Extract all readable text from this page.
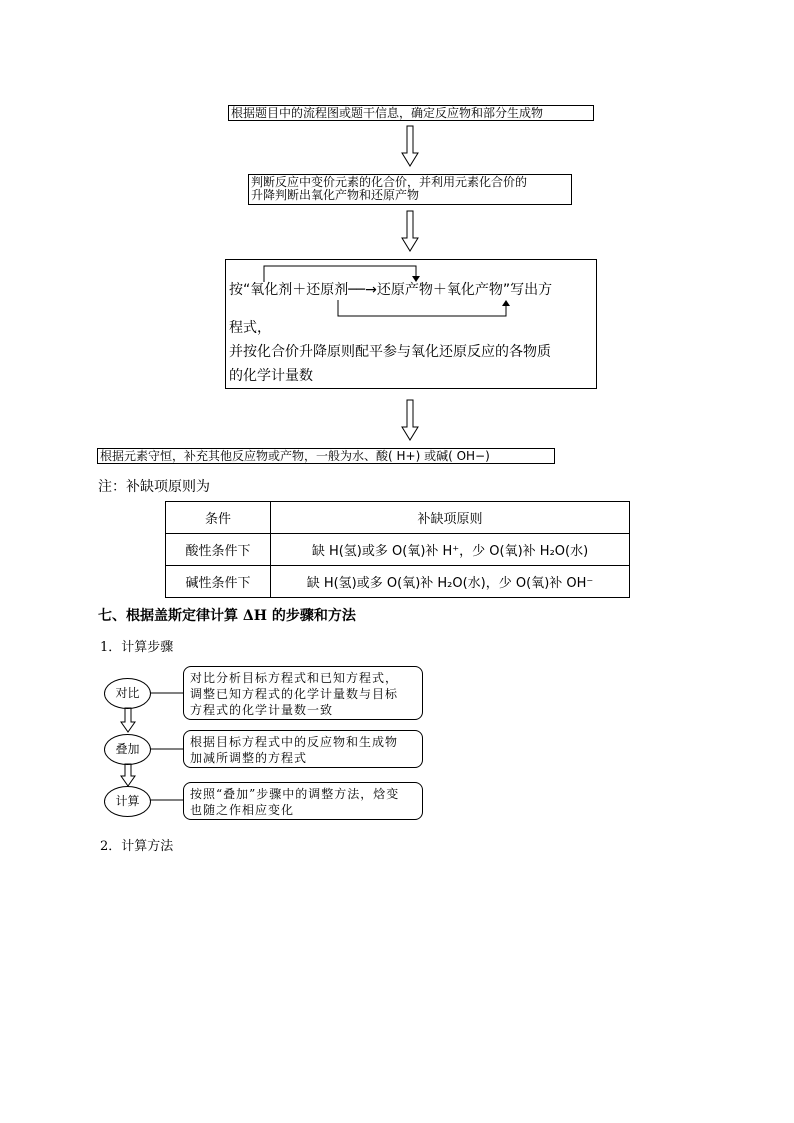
根据题目中的流程图或题干信息，确定反应物和部分生成物
判断反应中变价元素的化合价，并利用元素化合价的
升降判断出氧化产物和还原产物
按“氧化剂＋还原剂──→还原产物＋氧化产物”写出方
程式，
并按化合价升降原则配平参与氧化还原反应的各物质
的化学计量数
根据元素守恒，补充其他反应物或产物，一般为水、酸( H+) 或碱( OH−)
注：补缺项原则为
条件	补缺项原则
酸性条件下	缺 H(氢)或多 O(氧)补 H⁺，少 O(氧)补 H₂O(水)
碱性条件下	缺 H(氢)或多 O(氧)补 H₂O(水)，少 O(氧)补 OH⁻
七、根据盖斯定律计算 ΔH 的步骤和方法
1．计算步骤
对比
对比分析目标方程式和已知方程式，
调整已知方程式的化学计量数与目标
方程式的化学计量数一致
叠加	根据目标方程式中的反应物和生成物
加减所调整的方程式
计算	按照“叠加”步骤中的调整方法，焓变
也随之作相应变化
2．计算方法
